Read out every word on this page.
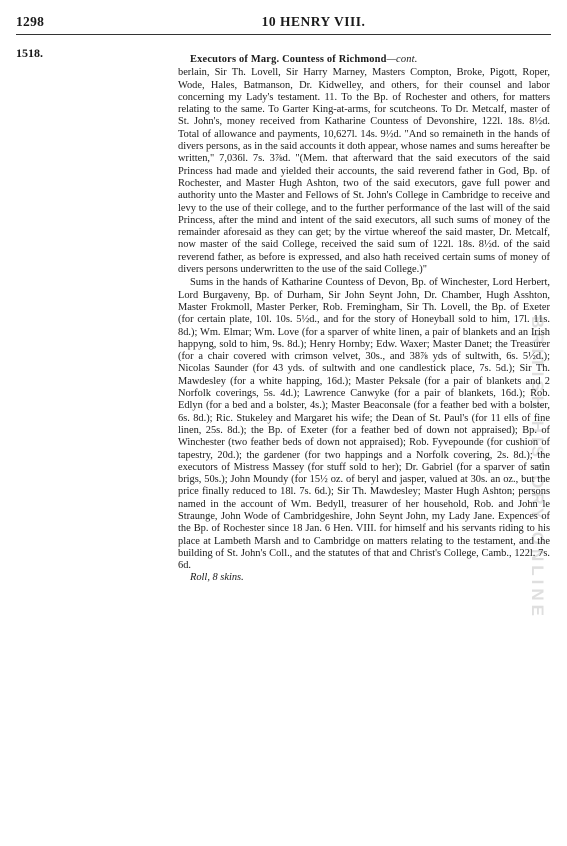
1298	10 HENRY VIII.
1518.
BRITISH HISTORY ONLINE

Executors of Marg. Countess of Richmond—cont.

berlain, Sir Th. Lovell, Sir Harry Marney, Masters Compton, Broke, Pigott, Roper, Wode, Hales, Batmanson, Dr. Kidwelley, and others, for their counsel and labor concerning my Lady's testament. 11. To the Bp. of Rochester and others, for matters relating to the same. To Garter King-at-arms, for scutcheons. To Dr. Metcalf, master of St. John's, money received from Katharine Countess of Devonshire, 122l. 18s. 8½d. Total of allowance and payments, 10,627l. 14s. 9½d. "And so remaineth in the hands of divers persons, as in the said accounts it doth appear, whose names and sums hereafter be written," 7,036l. 7s. 3⅞d. "(Mem. that afterward that the said executors of the said Princess had made and yielded their accounts, the said reverend father in God, Bp. of Rochester, and Master Hugh Ashton, two of the said executors, gave full power and authority unto the Master and Fellows of St. John's College in Cambridge to receive and levy to the use of their college, and to the further performance of the last will of the said Princess, after the mind and intent of the said executors, all such sums of money of the remainder aforesaid as they can get; by the virtue whereof the said master, Dr. Metcalf, now master of the said College, received the said sum of 122l. 18s. 8½d. of the said reverend father, as before is expressed, and also hath received certain sums of money of divers persons underwritten to the use of the said College.)"

Sums in the hands of Katharine Countess of Devon, Bp. of Winchester, Lord Herbert, Lord Burgaveny, Bp. of Durham, Sir John Seynt John, Dr. Chamber, Hugh Asshton, Master Frokmoll, Master Perker, Rob. Fremingham, Sir Th. Lovell, the Bp. of Exeter (for certain plate, 10l. 10s. 5½d., and for the story of Honeyball sold to him, 17l. 11s. 8d.); Wm. Elmar; Wm. Love (for a sparver of white linen, a pair of blankets and an Irish happyng, sold to him, 9s. 8d.); Henry Hornby; Edw. Waxer; Master Danet; the Treasurer (for a chair covered with crimson velvet, 30s., and 38⅞ yds of sultwith, 6s. 5½d.); Nicolas Saunder (for 43 yds. of sultwith and one candlestick place, 7s. 5d.); Sir Th. Mawdesley (for a white happing, 16d.); Master Peksale (for a pair of blankets and 2 Norfolk coverings, 5s. 4d.); Lawrence Canwyke (for a pair of blankets, 16d.); Rob. Edlyn (for a bed and a bolster, 4s.); Master Beaconsale (for a feather bed with a bolster, 6s. 8d.); Ric. Stukeley and Margaret his wife; the Dean of St. Paul's (for 11 ells of fine linen, 25s. 8d.); the Bp. of Exeter (for a feather bed of down not appraised); Bp. of Winchester (two feather beds of down not appraised); Rob. Fyvepounde (for cushion of tapestry, 20d.); the gardener (for two happings and a Norfolk covering, 2s. 8d.); the executors of Mistress Massey (for stuff sold to her); Dr. Gabriel (for a sparver of satin brigs, 50s.); John Moundy (for 15½ oz. of beryl and jasper, valued at 30s. an oz., but the price finally reduced to 18l. 7s. 6d.); Sir Th. Mawdesley; Master Hugh Ashton; persons named in the account of Wm. Bedyll, treasurer of her household, Rob. and John le Straunge, John Wode of Cambridgeshire, John Seynt John, my Lady Jane. Expences of the Bp. of Rochester since 18 Jan. 6 Hen. VIII. for himself and his servants riding to his place at Lambeth Marsh and to Cambridge on matters relating to the testament, and the building of St. John's Coll., and the statutes of that and Christ's College, Camb., 122l. 7s. 6d.

Roll, 8 skins.
